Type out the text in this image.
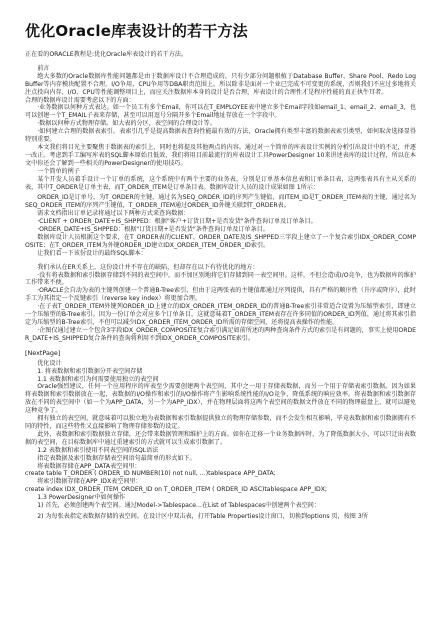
优化Oracle库表设计的若干方法

正在看的ORACLE教程是:优化Oracle库表设计的若干方法。

前言

绝大多数的Oracle数据库性能问题都是由于数据库设计不合理造成的，只有少部分问题根植于Database Buffer、Share Pool、Redo Log Buffer等内存模块配置不合理，I/O争用，CPU争用等DBA职责范围上。所以除非是面对一个业已完成不可变更的系统，否则我们不应过多地将关注点投向内存、I/O、CPU等性能调整项目上，而应关注数据库本身的设计是否合理，库表设计的合理性才是程序性能的真正执牛耳者。

合理的数据库设计需要考虑以下的方面：

·业务数据以何种方式表达。如一个员工有多个Email，你可以在T_EMPLOYEE表中建立多个Email字段如email_1、email_2、email_3，也可以创建一个T_EMAIL子表来存储，甚至可以用逗号分隔开多个Email地址存放在一个字段中。

·数据以何种方式物理存储。如大表的分区，表空间的合理设计等。

·如何建立合理的数据表索引。表索引几乎是提高数据表查询性能最有效的方法，Oracle拥有类型丰富的数据表索引类型，如何取舍选择显得特别重要。

本文我们将目光主要聚焦于数据表的索引上，同时也将提及其他两点的内容。通过对一个简单的库表设计实例的分析引出设计中的不足，并逐一改正。考虑到手工编写库表的SQL脚本原始且低效，我们将用目前最流行的库表设计工具PowerDesigner 10来讲述表库的设计过程，所以在本文中你还会了解到一些相关的PowerDesigner的使用技巧。

一个简单的例子

某个开发人员着手设计一个订单的系统，这个系统中有两个主要的业务表，分别是订单基本信息表和订单条目表，这两张表具有主从关系的表，其中T_ORDER是订单主表，而T_ORDER_ITEM是订单条目表。数据库设计人员的设计成果如图 1所示：

ORDER_ID是订单号，为T_ORDER的主键，通过名为SEQ_ORDER_ID的序列产生键值，而ITEM_ID是T_ORDER_ITEM表的主键，通过名为SEQ_ORDER_ITEM的序列产生键值，T_ORDER_ITEM通过ORDER_ID外键关联到T_ORDER表。

需求文档指出订单记录将通过以下两种方式来查询数据：

·CLIENT + ORDER_DATE+IS_SHPPED：根据"客户+订货日期+是否发货"条件查询订单及订单条目。

·ORDER_DATE+IS_SHPPED：根据"订货日期+是否发货"条件查询订单及订单条目。

数据库设计人员根据这个要求，在T_ORDER表的CLIENT、ORDER_DATE及IS_SHPPED三字段上建立了一个复合索引IDX_ORDER_COMPOSITE；在T_ORDER_ITEM为外键ORDER_ID建立IDX_ORDER_ITEM_ORDER_ID索引。

让我们看一下该份设计的最终SQL脚本：

我们承认在ER关系上，这份设计并不存在的缺陷，但却存在以下有待优化的地方：

·没有将表数据和索引数据存储到不同的表空间中，而不加区别地将它们存储到同一表空间里。这样，不但会造成I/O竞争，也为数据库的维护工作带来不便。

·ORACLE会自动为表的主键列创建一个普通B-Tree索引，但由于这两张表的主键值都通过序列提供，具有严格的顺序性（升序或降序），此时手工为其指定一个反键索引（reverse key index）将更加合理。

·在子表T_ORDER_ITEM外键列ORDER_ID上建立的IDX_ORDER_ITEM_ORDER_ID的普通B-Tree索引非常适合设置为压缩型索引，即建立一个压缩型的B-Tree索引。因为一份订单会对应多个订单条目，这就意味着T_ORDER_ITEM表存在许多同值的ORDER_ID列值，通过将其索引指定为压缩型的B-Tree索引，不但可以减少IDX_ORDER_ITEM_ORDER_ID所需的存储空间，还将提高表操作的性能。

·企图仅通过建立一个包含3字段IDX_ORDER_COMPOSITE复合索引满足如前所述的两种查询条件方式的索引是有问题的，事实上使用ORDER_DATE+IS_SHIPPED复合条件的查询将利用不到IDX_ORDER_COMPOSITE索引。

[NextPage]

优化设计

1. 将表数据和索引数据分开表空间存储

1.1 表数据和索引为何需要使用独立的表空间

Oracle强烈建议，任何一个应用程序的库表至少需要创建两个表空间，其中之一用于存储表数据，而另一个用于存储表索引数据。因为如果将表数据和索引数据放在一起，表数据的I/O操作和索引的I/O操作将产生影响系统性能的I/O竞争，降低系统的响应效率。将表数据和索引数据存放在不同的表空间中（如一个为APP_DATA，另一个为APP_IDX），并在物理层面将这两个表空间的数据文件放在不同的物理磁盘上，就可以避免这种竞争了。

拥有独立的表空间，就意味着可以独立地为表数据和索引数据提供独立的物理存储参数，而不会发生相互影响，毕竟表数据和索引数据拥有不同的特性，而这些特性又直接影响了物理存储参数的设定。

此外，表数据和索引数据独立存储，还会带来数据管理和维护上的方面。如你在迁移一个业务数据库时，为了降低数据大小，可以只迁出表数据的表空间，在目标数据库中通过重建索引的方式就可以生成索引数据了。

1.2 表数据和索引使用不同表空间的SQL语法

指定表数据及索引数据存储表空间语句最简单的形式如下。

将表数据存储在APP_DATA表空间里：

create table T_ORDER ( ORDER_ID NUMBER(10) not null, …)tablespace APP_DATA;

将索引数据存储在APP_IDX表空间里：

create index IDX_ORDER_ITEM_ORDER_ID on T_ORDER_ITEM ( ORDER_ID ASC)tablespace APP_IDX;

1.3 PowerDesigner中如何操作

1) 首先，必须创建两个表空间。通过Model->Tablespace...在List of Tablespaces中创建两个表空间：

2) 为每张表指定表数据存储的表空间。在设计区中双击表，打开Table Properties设计窗口，切换到options 页，按图 3所
